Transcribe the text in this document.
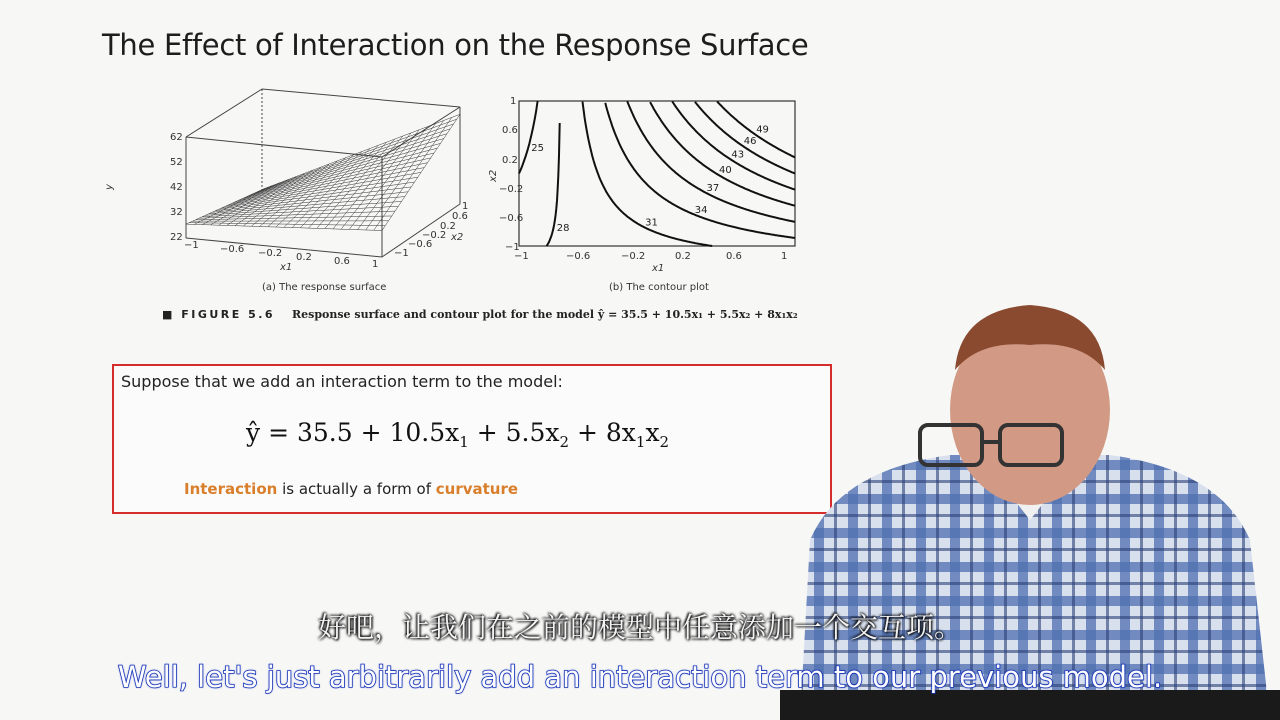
The Effect of Interaction on the Response Surface
y
62
52
42
32
22
−1 −0.6 −0.2 0.2 0.6 1
x1
1
0.6
0.2
−0.2
−0.6
−1
x2
25
28	31
34
37
40
43
46
49
1
0.6
0.2
−0.2
−0.6
−1
x2
−1	−0.6	−0.2	0.2	0.6	1
x1
(a) The response surface	(b) The contour plot
■ FIGURE 5.6 Response surface and contour plot for the model ŷ = 35.5 + 10.5x₁ + 5.5x₂ + 8x₁x₂
Suppose that we add an interaction term to the model:
ŷ = $35.5 + 10.5x_1 + 5.5x_2 + 8x_1x_2$
Interaction is actually a form of curvature
好吧，让我们在之前的模型中任意添加一个交互项。
Well, let's just arbitrarily add an interaction term to our previous model.
